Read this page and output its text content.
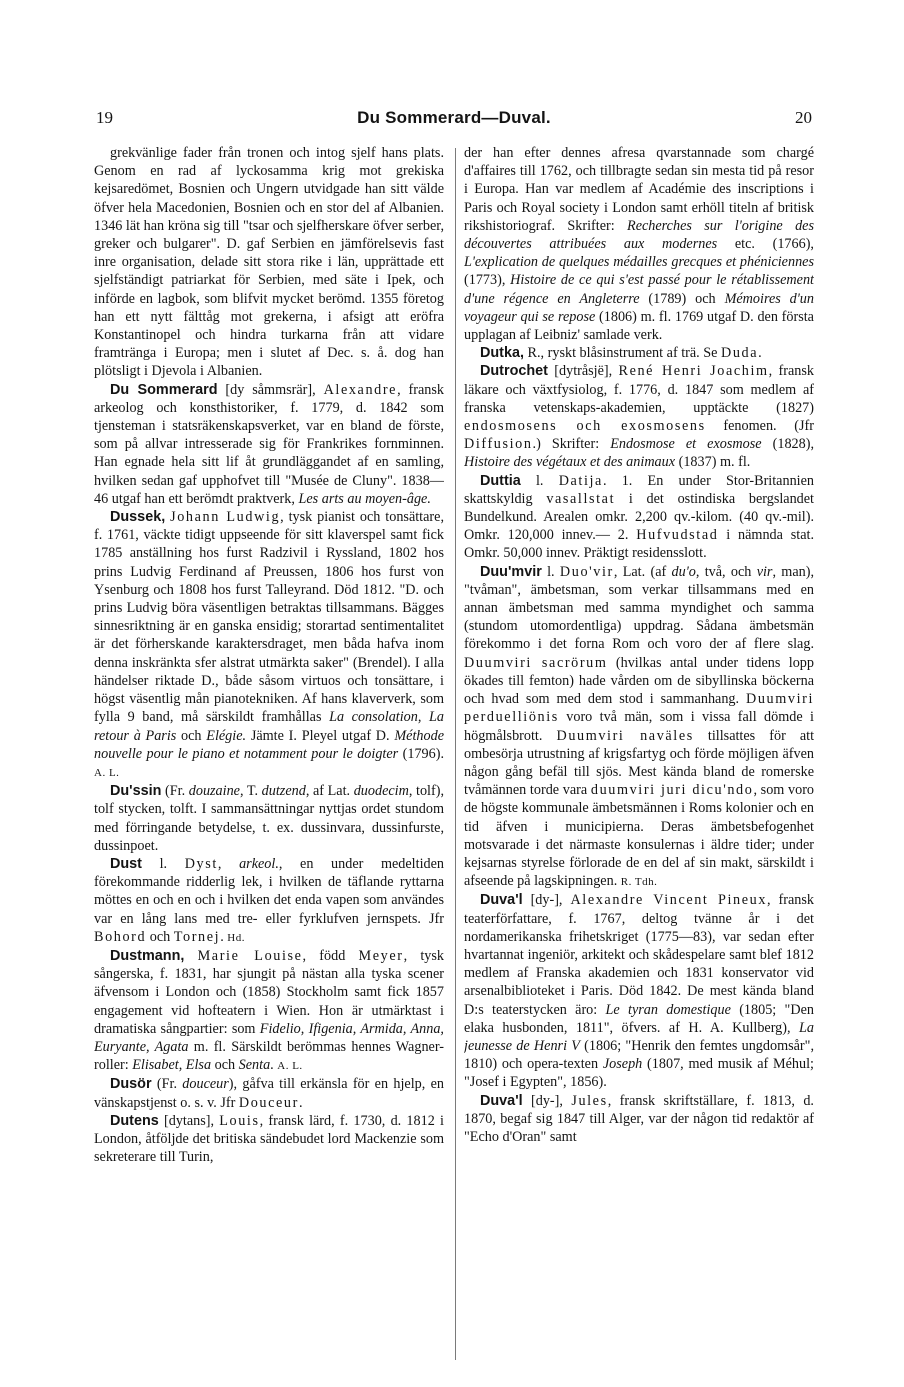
19	Du Sommerard—Duval.	20

grekvänlige fader från tronen och intog sjelf hans plats. Genom en rad af lyckosamma krig mot grekiska kejsaredömet, Bosnien och Ungern utvidgade han sitt välde öfver hela Macedonien, Bosnien och en stor del af Albanien. 1346 lät han kröna sig till "tsar och sjelfherskare öfver serber, greker och bulgarer". D. gaf Serbien en jämförelsevis fast inre organisation, delade sitt stora rike i län, upprättade ett sjelfständigt patriarkat för Serbien, med säte i Ipek, och införde en lagbok, som blifvit mycket berömd. 1355 företog han ett nytt fälttåg mot grekerna, i afsigt att eröfra Konstantinopel och hindra turkarna från att vidare framtränga i Europa; men i slutet af Dec. s. å. dog han plötsligt i Djevola i Albanien.

Du Sommerard [dy såmmsrär], Alexandre, fransk arkeolog och konsthistoriker, f. 1779, d. 1842 som tjensteman i statsräkenskapsverket, var en bland de förste, som på allvar intresserade sig för Frankrikes fornminnen. Han egnade hela sitt lif åt grundläggandet af en samling, hvilken sedan gaf upphofvet till "Musée de Cluny". 1838—46 utgaf han ett berömdt praktverk, Les arts au moyen-âge.

Dussek, Johann Ludwig, tysk pianist och tonsättare, f. 1761, väckte tidigt uppseende för sitt klaverspel samt fick 1785 anställning hos furst Radzivil i Ryssland, 1802 hos prins Ludvig Ferdinand af Preussen, 1806 hos furst von Ysenburg och 1808 hos furst Talleyrand. Död 1812. "D. och prins Ludvig böra väsentligen betraktas tillsammans. Bägges sinnesriktning är en ganska ensidig; storartad sentimentalitet är det förherskande karaktersdraget, men båda hafva inom denna inskränkta sfer alstrat utmärkta saker" (Brendel). I alla händelser riktade D., både såsom virtuos och tonsättare, i högst väsentlig mån pianotekniken. Af hans klaververk, som fylla 9 band, må särskildt framhållas La consolation, La retour à Paris och Elégie. Jämte I. Pleyel utgaf D. Méthode nouvelle pour le piano et notamment pour le doigter (1796). A. L.

Du'ssin (Fr. douzaine, T. dutzend, af Lat. duodecim, tolf), tolf stycken, tolft. I sammansättningar nyttjas ordet stundom med förringande betydelse, t. ex. dussinvara, dussinfurste, dussinpoet.

Dust l. Dyst, arkeol., en under medeltiden förekommande ridderlig lek, i hvilken de täflande ryttarna möttes en och en och i hvilken det enda vapen som användes var en lång lans med tre- eller fyrklufven jernspets. Jfr Bohord och Tornej. Hd.

Dustmann, Marie Louise, född Meyer, tysk sångerska, f. 1831, har sjungit på nästan alla tyska scener äfvensom i London och (1858) Stockholm samt fick 1857 engagement vid hofteatern i Wien. Hon är utmärktast i dramatiska sångpartier: som Fidelio, Ifigenia, Armida, Anna, Euryante, Agata m. fl. Särskildt berömmas hennes Wagner-roller: Elisabet, Elsa och Senta. A. L.

Dusör (Fr. douceur), gåfva till erkänsla för en hjelp, en vänskapstjenst o. s. v. Jfr Douceur.

Dutens [dytans], Louis, fransk lärd, f. 1730, d. 1812 i London, åtföljde det britiska sändebudet lord Mackenzie som sekreterare till Turin,

der han efter dennes afresa qvarstannade som chargé d'affaires till 1762, och tillbragte sedan sin mesta tid på resor i Europa. Han var medlem af Académie des inscriptions i Paris och Royal society i London samt erhöll titeln af britisk rikshistoriograf. Skrifter: Recherches sur l'origine des découvertes attribuées aux modernes etc. (1766), L'explication de quelques médailles grecques et phéniciennes (1773), Histoire de ce qui s'est passé pour le rétablissement d'une régence en Angleterre (1789) och Mémoires d'un voyageur qui se repose (1806) m. fl. 1769 utgaf D. den första upplagan af Leibniz' samlade verk.

Dutka, R., ryskt blåsinstrument af trä. Se Duda.

Dutrochet [dytråsjë], René Henri Joachim, fransk läkare och växtfysiolog, f. 1776, d. 1847 som medlem af franska vetenskaps-akademien, upptäckte (1827) endosmosens och exosmosens fenomen. (Jfr Diffusion.) Skrifter: Endosmose et exosmose (1828), Histoire des végétaux et des animaux (1837) m. fl.

Duttia l. Datija. 1. En under Stor-Britannien skattskyldig vasallstat i det ostindiska bergslandet Bundelkund. Arealen omkr. 2,200 qv.-kilom. (40 qv.-mil). Omkr. 120,000 innev.— 2. Hufvudstad i nämnda stat. Omkr. 50,000 innev. Präktigt residensslott.

Duu'mvir l. Duo'vir, Lat. (af du'o, två, och vir, man), "tvåman", ämbetsman, som verkar tillsammans med en annan ämbetsman med samma myndighet och samma (stundom utomordentliga) uppdrag. Sådana ämbetsmän förekommo i det forna Rom och voro der af flere slag. Duumviri sacrörum (hvilkas antal under tidens lopp ökades till femton) hade vården om de sibyllinska böckerna och hvad som med dem stod i sammanhang. Duumviri perduelliönis voro två män, som i vissa fall dömde i högmålsbrott. Duumviri naväles tillsattes för att ombesörja utrustning af krigsfartyg och förde möjligen äfven någon gång befäl till sjös. Mest kända bland de romerske tvåmännen torde vara duumviri juri dicu'ndo, som voro de högste kommunale ämbetsmännen i Roms kolonier och en tid äfven i municipierna. Deras ämbetsbefogenhet motsvarade i det närmaste konsulernas i äldre tider; under kejsarnas styrelse förlorade de en del af sin makt, särskildt i afseende på lagskipningen. R. Tdh.

Duva'l [dy-], Alexandre Vincent Pineux, fransk teaterförfattare, f. 1767, deltog tvänne år i det nordamerikanska frihetskriget (1775—83), var sedan efter hvartannat ingeniör, arkitekt och skådespelare samt blef 1812 medlem af Franska akademien och 1831 konservator vid arsenalbiblioteket i Paris. Död 1842. De mest kända bland D:s teaterstycken äro: Le tyran domestique (1805; "Den elaka husbonden, 1811", öfvers. af H. A. Kullberg), La jeunesse de Henri V (1806; "Henrik den femtes ungdomsår", 1810) och opera-texten Joseph (1807, med musik af Méhul; "Josef i Egypten", 1856).

Duva'l [dy-], Jules, fransk skriftställare, f. 1813, d. 1870, begaf sig 1847 till Alger, var der någon tid redaktör af "Echo d'Oran" samt
